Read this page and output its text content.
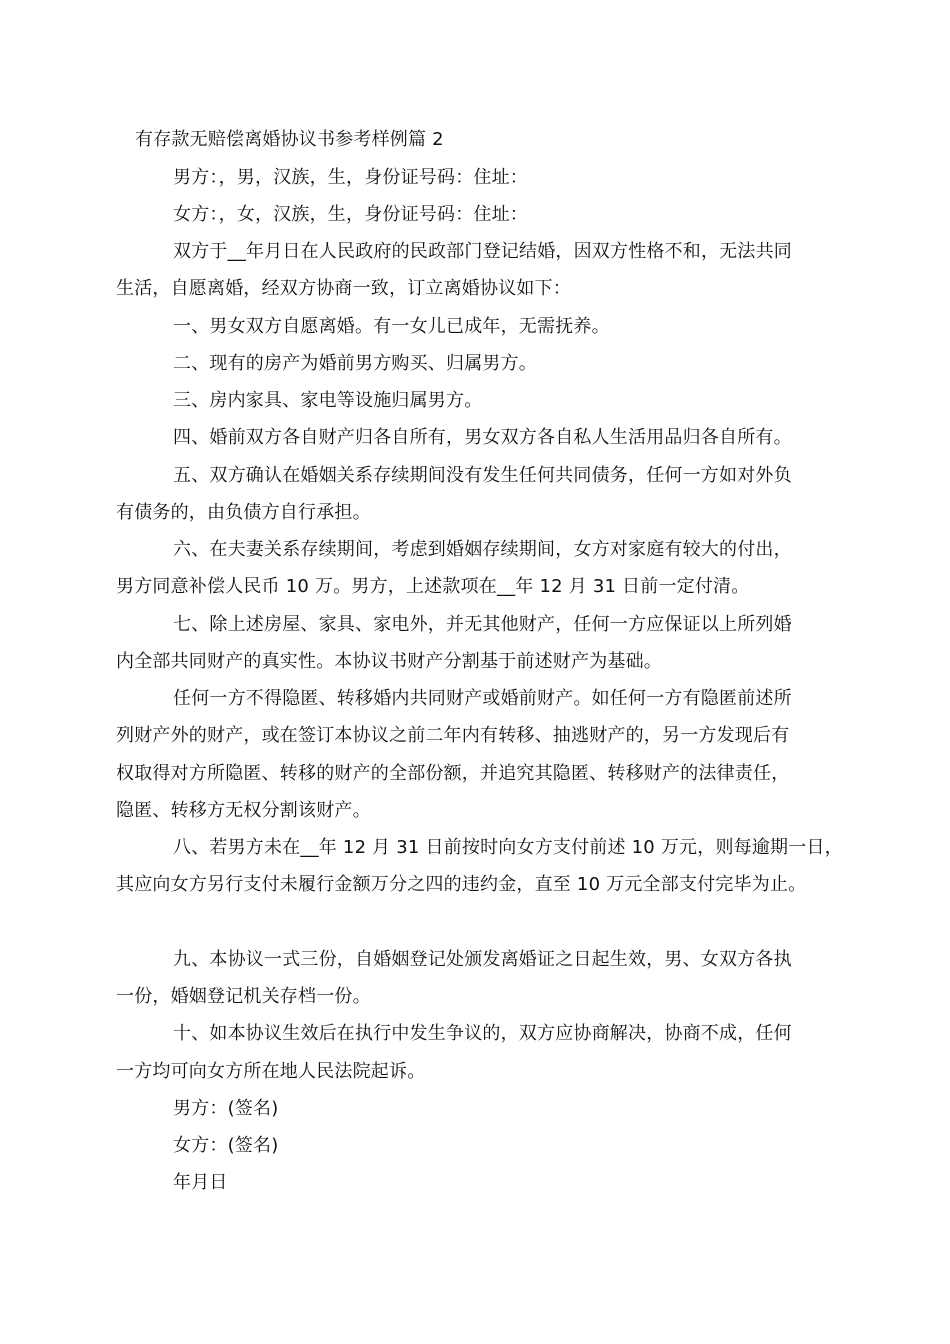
有存款无赔偿离婚协议书参考样例篇 2
男方：，男，汉族，生，身份证号码：住址：
女方：，女，汉族，生，身份证号码：住址：
双方于__年月日在人民政府的民政部门登记结婚，因双方性格不和，无法共同
生活，自愿离婚，经双方协商一致，订立离婚协议如下：
一、男女双方自愿离婚。有一女儿已成年，无需抚养。
二、现有的房产为婚前男方购买、归属男方。
三、房内家具、家电等设施归属男方。
四、婚前双方各自财产归各自所有，男女双方各自私人生活用品归各自所有。
五、双方确认在婚姻关系存续期间没有发生任何共同债务，任何一方如对外负
有债务的，由负债方自行承担。
六、在夫妻关系存续期间，考虑到婚姻存续期间，女方对家庭有较大的付出，
男方同意补偿人民币 10 万。男方，上述款项在__年 12 月 31 日前一定付清。
七、除上述房屋、家具、家电外，并无其他财产，任何一方应保证以上所列婚
内全部共同财产的真实性。本协议书财产分割基于前述财产为基础。
任何一方不得隐匿、转移婚内共同财产或婚前财产。如任何一方有隐匿前述所
列财产外的财产，或在签订本协议之前二年内有转移、抽逃财产的，另一方发现后有
权取得对方所隐匿、转移的财产的全部份额，并追究其隐匿、转移财产的法律责任，
隐匿、转移方无权分割该财产。
八、若男方未在__年 12 月 31 日前按时向女方支付前述 10 万元，则每逾期一日，
其应向女方另行支付未履行金额万分之四的违约金，直至 10 万元全部支付完毕为止。
九、本协议一式三份，自婚姻登记处颁发离婚证之日起生效，男、女双方各执
一份，婚姻登记机关存档一份。
十、如本协议生效后在执行中发生争议的，双方应协商解决，协商不成，任何
一方均可向女方所在地人民法院起诉。
男方：(签名)
女方：(签名)
年月日
